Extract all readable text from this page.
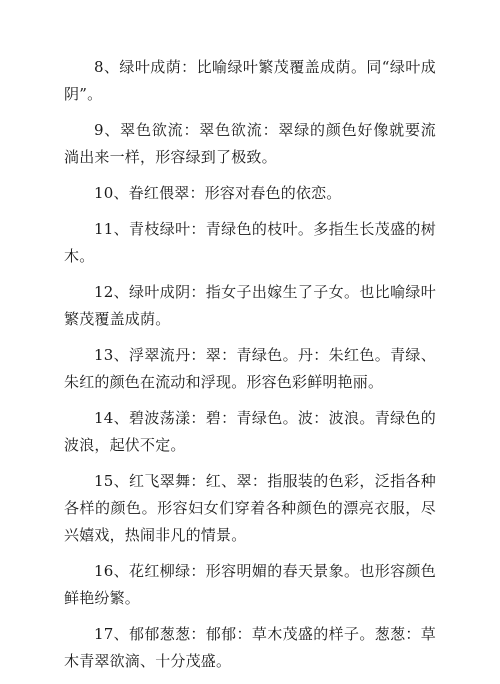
8、绿叶成荫：比喻绿叶繁茂覆盖成荫。同“绿叶成阴”。

9、翠色欲流：翠色欲流：翠绿的颜色好像就要流淌出来一样，形容绿到了极致。

10、眷红偎翠：形容对春色的依恋。

11、青枝绿叶：青绿色的枝叶。多指生长茂盛的树木。

12、绿叶成阴：指女子出嫁生了子女。也比喻绿叶繁茂覆盖成荫。

13、浮翠流丹：翠：青绿色。丹：朱红色。青绿、朱红的颜色在流动和浮现。形容色彩鲜明艳丽。

14、碧波荡漾：碧：青绿色。波：波浪。青绿色的波浪，起伏不定。

15、红飞翠舞：红、翠：指服装的色彩，泛指各种各样的颜色。形容妇女们穿着各种颜色的漂亮衣服，尽兴嬉戏，热闹非凡的情景。

16、花红柳绿：形容明媚的春天景象。也形容颜色鲜艳纷繁。

17、郁郁葱葱：郁郁：草木茂盛的样子。葱葱：草木青翠欲滴、十分茂盛。
